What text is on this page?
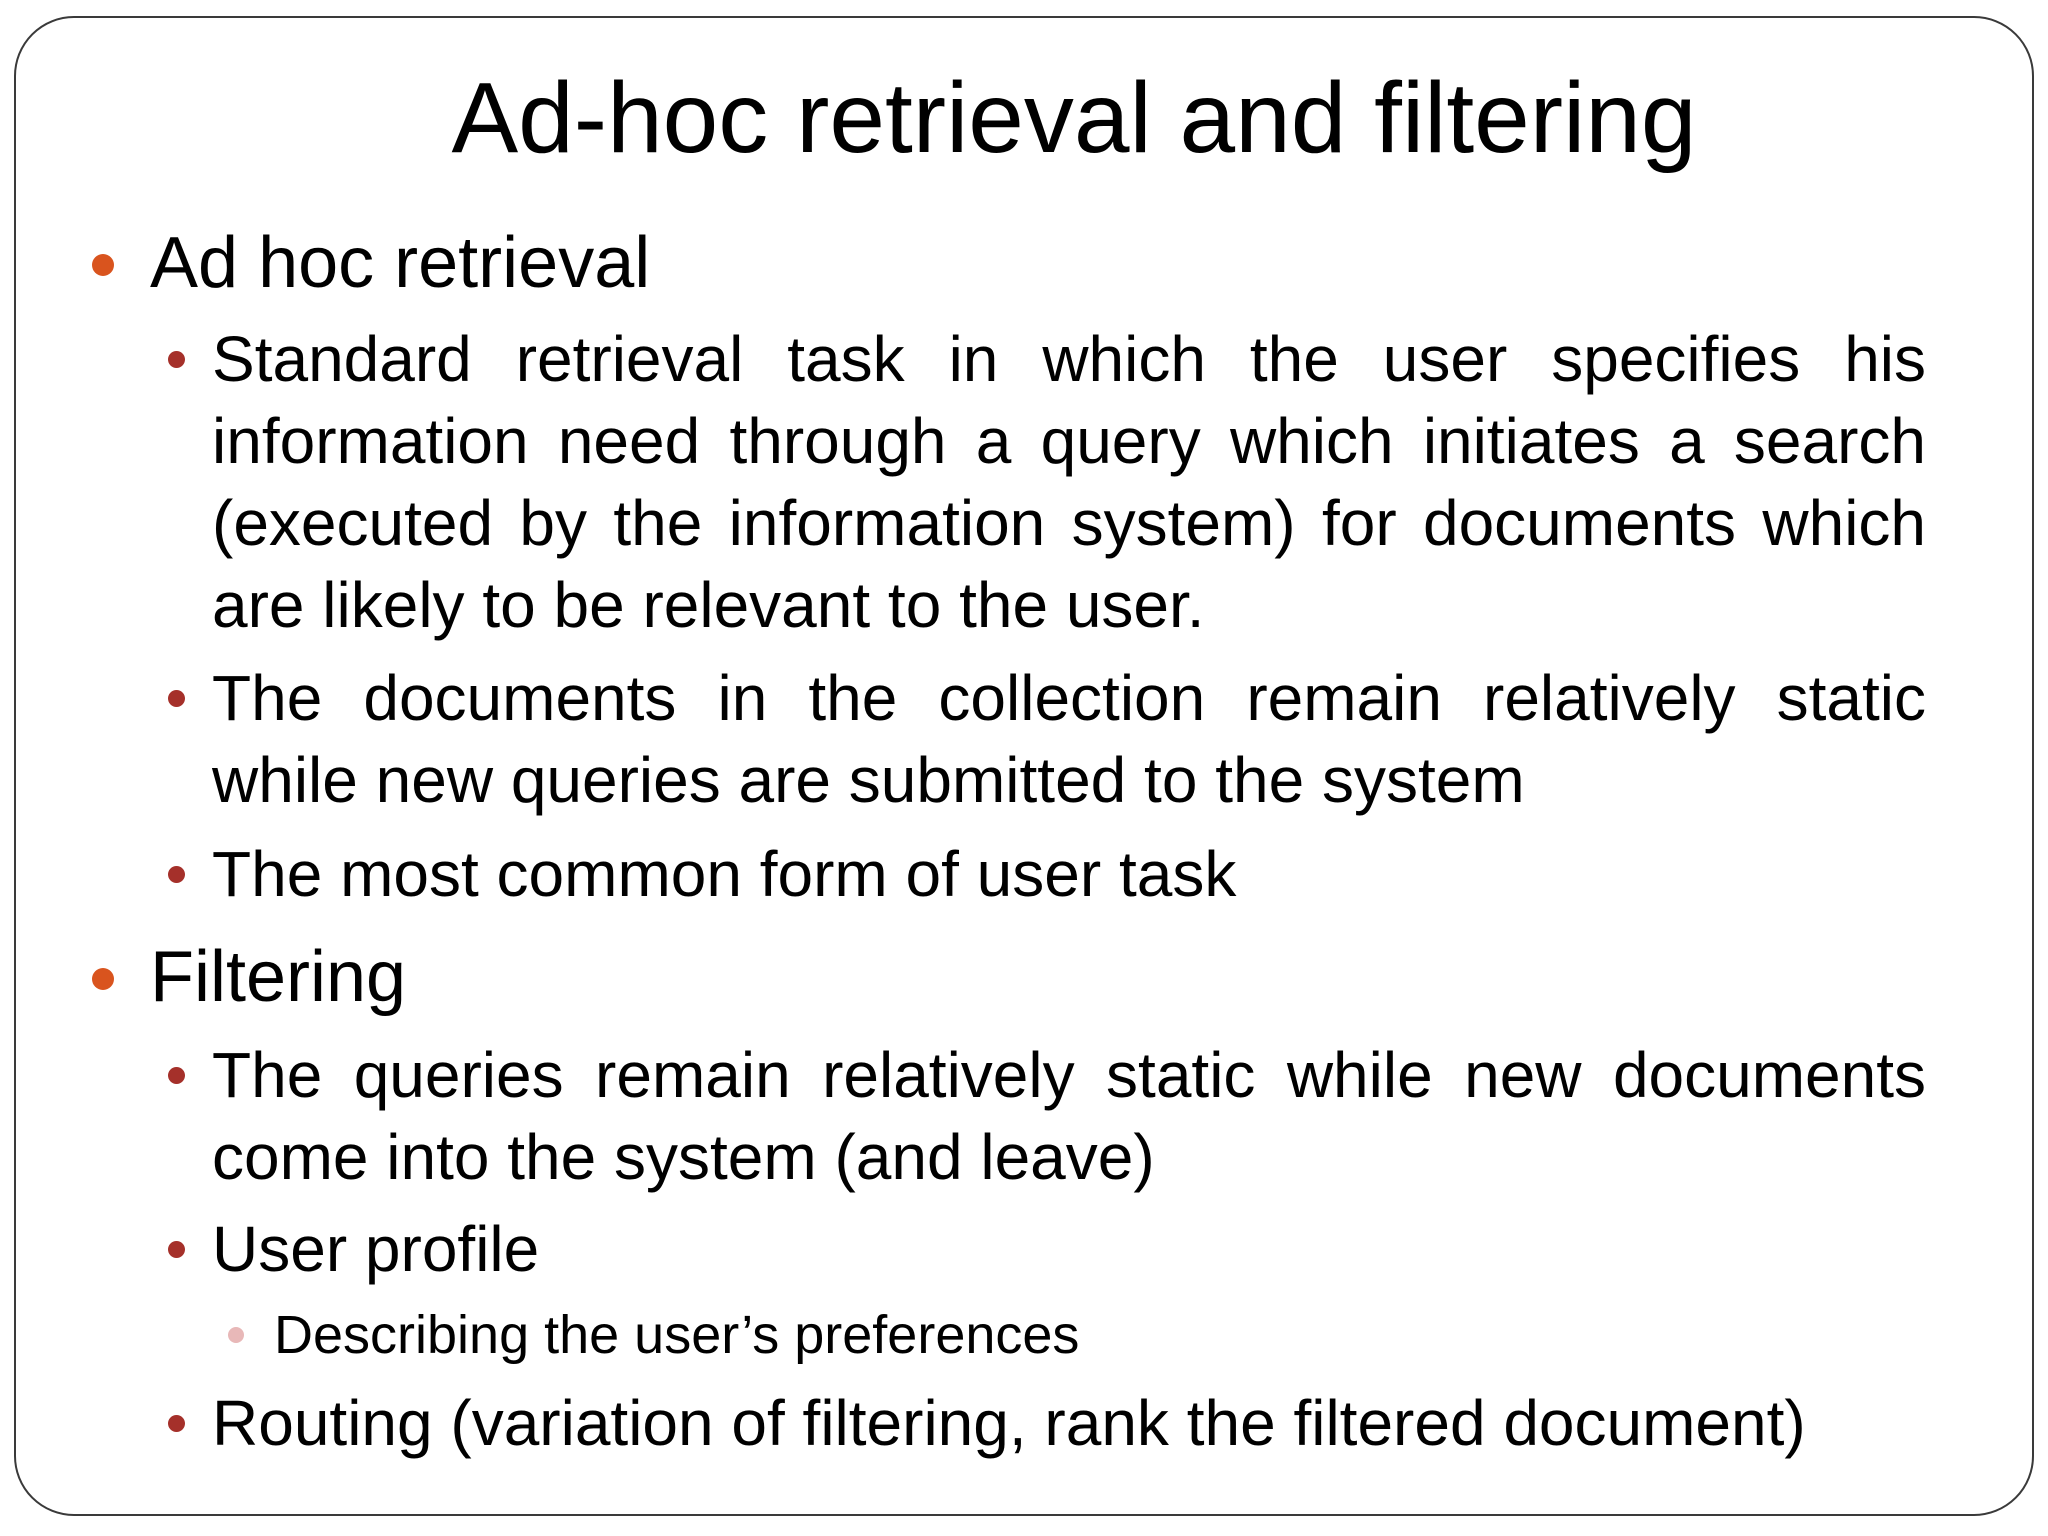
Ad-hoc retrieval and filtering
Ad hoc retrieval
Standard retrieval task in which the user specifies his information need through a query which initiates a search (executed by the information system) for documents which are likely to be relevant to the user.
The documents in the collection remain relatively static while new queries are submitted to the system
The most common form of user task
Filtering
The queries remain relatively static while new documents come into the system (and leave)
User profile
Describing the user’s preferences
Routing (variation of filtering, rank the filtered document)
